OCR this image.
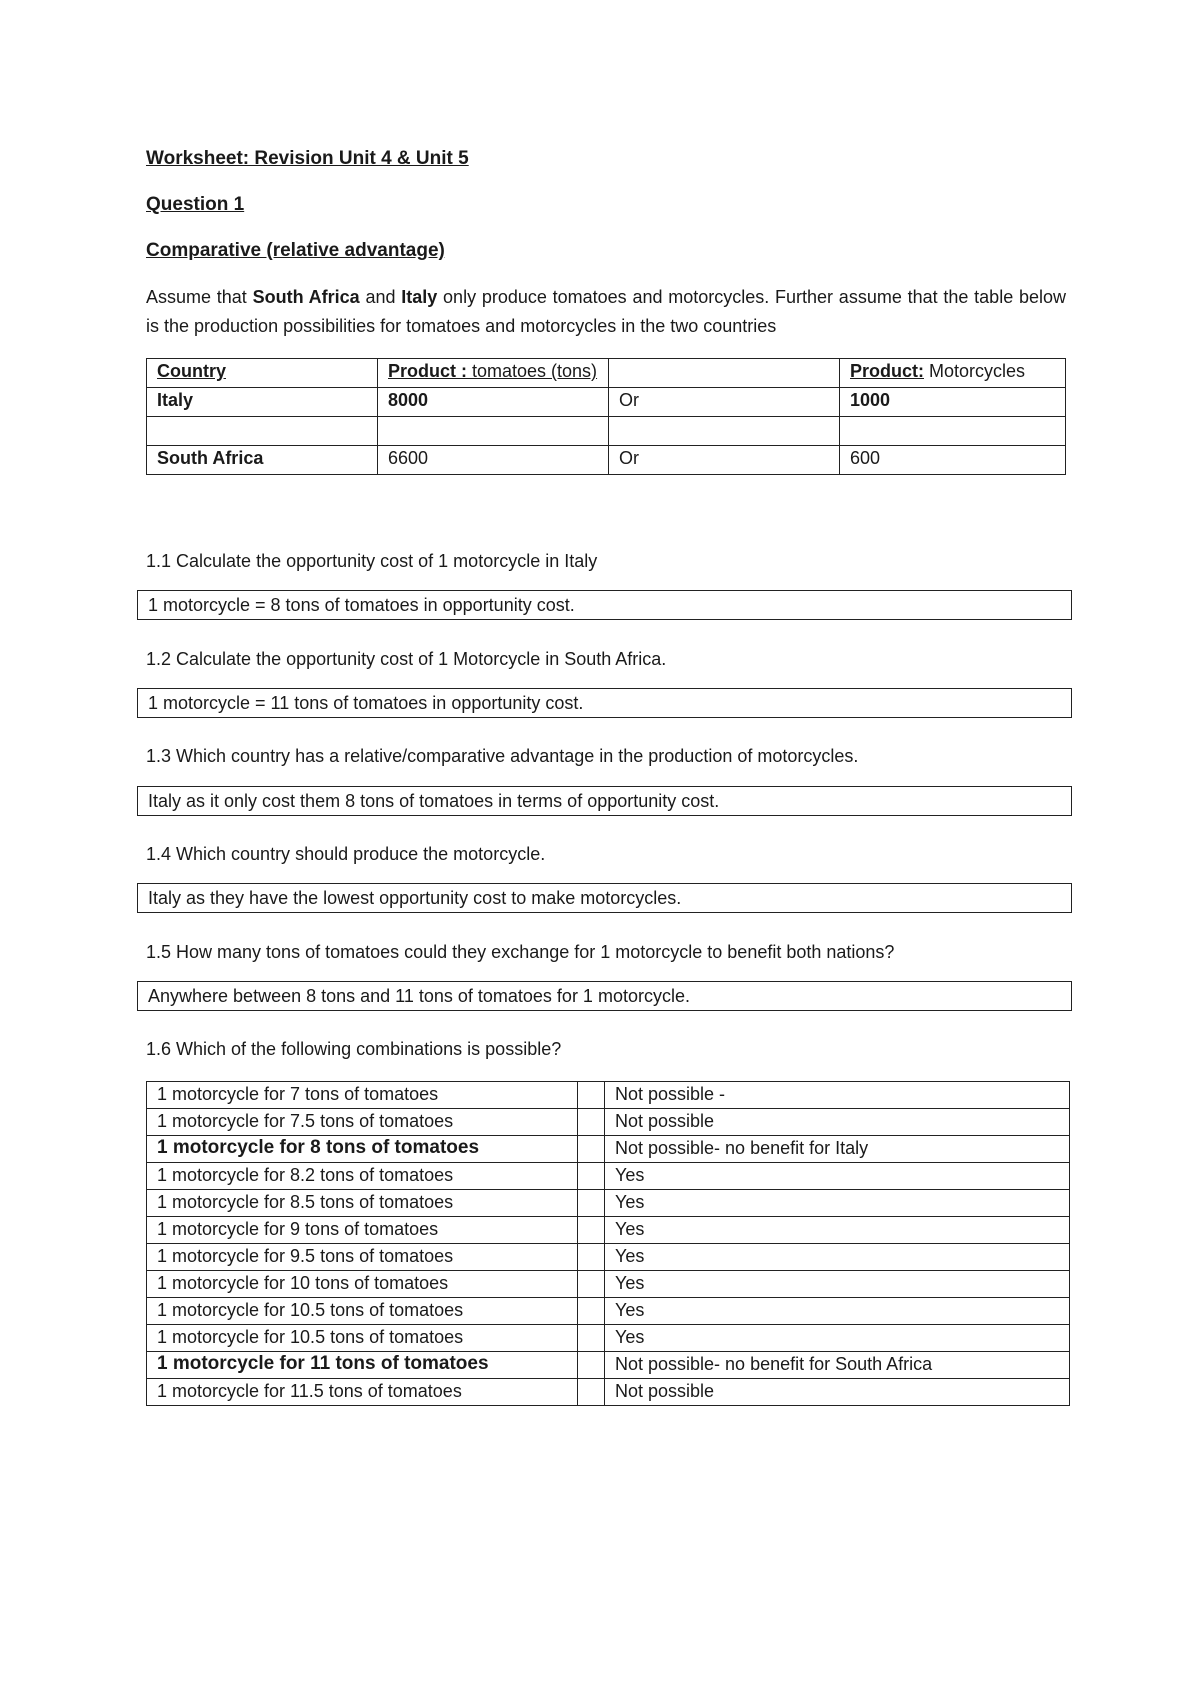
Worksheet: Revision Unit 4 & Unit 5
Question 1
Comparative (relative advantage)
Assume that South Africa and Italy only produce tomatoes and motorcycles. Further assume that the table below is the production possibilities for tomatoes and motorcycles in the two countries
Country	Product : tomatoes (tons)		Product: Motorcycles
Italy	8000	Or	1000

South Africa	6600	Or	600
1.1 Calculate the opportunity cost of 1 motorcycle in Italy
1 motorcycle = 8 tons of tomatoes in opportunity cost.
1.2 Calculate the opportunity cost of 1 Motorcycle in South Africa.
1 motorcycle = 11 tons of tomatoes in opportunity cost.
1.3 Which country has a relative/comparative advantage in the production of motorcycles.
Italy as it only cost them 8 tons of tomatoes in terms of opportunity cost.
1.4 Which country should produce the motorcycle.
Italy as they have the lowest opportunity cost to make motorcycles.
1.5 How many tons of tomatoes could they exchange for 1 motorcycle to benefit both nations?
Anywhere between 8 tons and 11 tons of tomatoes for 1 motorcycle.
1.6 Which of the following combinations is possible?
1 motorcycle for 7 tons of tomatoes		Not possible -
1 motorcycle for 7.5 tons of tomatoes		Not possible
1 motorcycle for 8 tons of tomatoes		Not possible- no benefit for Italy
1 motorcycle for 8.2 tons of tomatoes		Yes
1 motorcycle for 8.5 tons of tomatoes		Yes
1 motorcycle for 9 tons of tomatoes		Yes
1 motorcycle for 9.5 tons of tomatoes		Yes
1 motorcycle for 10 tons of tomatoes		Yes
1 motorcycle for 10.5 tons of tomatoes		Yes
1 motorcycle for 10.5 tons of tomatoes		Yes
1 motorcycle for 11 tons of tomatoes		Not possible- no benefit for South Africa
1 motorcycle for 11.5 tons of tomatoes		Not possible
